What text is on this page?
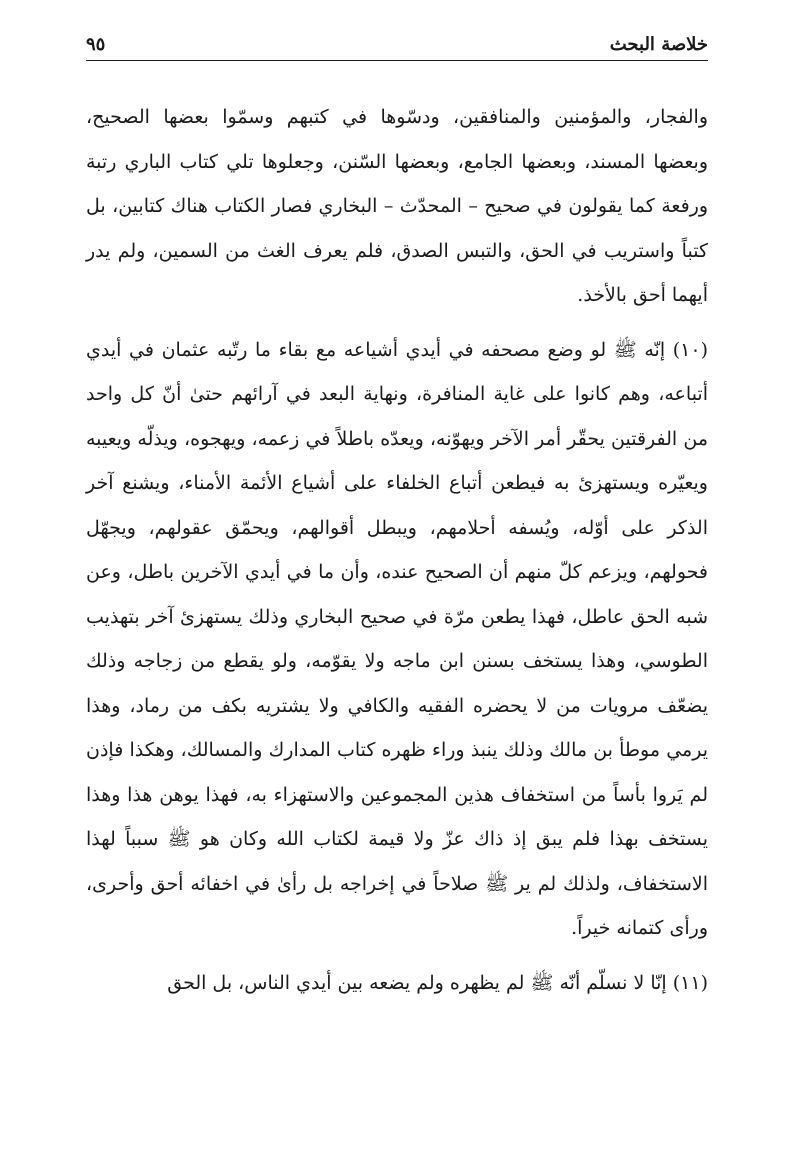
خلاصة البحث
٩٥

والفجار، والمؤمنين والمنافقين، ودسّوها في كتبهم وسمّوا بعضها الصحيح، وبعضها المسند، وبعضها الجامع، وبعضها السّنن، وجعلوها تلي كتاب الباري رتبة ورفعة كما يقولون في صحيح – المحدّث – البخاري فصار الكتاب هناك كتابين، بل كتباً واستريب في الحق، والتبس الصدق، فلم يعرف الغث من السمين، ولم يدر أيهما أحق بالأخذ.

(١٠) إنّه ﷺ لو وضع مصحفه في أيدي أشياعه مع بقاء ما رتّبه عثمان في أيدي أتباعه، وهم كانوا على غاية المنافرة، ونهاية البعد في آرائهم حتىٰ أنّ كل واحد من الفرقتين يحقّر أمر الآخر ويهوّنه، ويعدّه باطلاً في زعمه، ويهجوه، ويذلّه ويعيبه ويعيّره ويستهزئ به فيطعن أتباع الخلفاء على أشياع الأئمة الأمناء، ويشنع آخر الذكر على أوّله، ويُسفه أحلامهم، ويبطل أقوالهم، ويحمّق عقولهم، ويجهّل فحولهم، ويزعم كلّ منهم أن الصحيح عنده، وأن ما في أيدي الآخرين باطل، وعن شبه الحق عاطل، فهذا يطعن مرّة في صحيح البخاري وذلك يستهزئ آخر بتهذيب الطوسي، وهذا يستخف بسنن ابن ماجه ولا يقوّمه، ولو يقطع من زجاجه وذلك يضعّف مرويات من لا يحضره الفقيه والكافي ولا يشتريه بكف من رماد، وهذا يرمي موطأ بن مالك وذلك ينبذ وراء ظهره كتاب المدارك والمسالك، وهكذا فإذن لم يَروا بأساً من استخفاف هذين المجموعين والاستهزاء به، فهذا يوهن هذا وهذا يستخف بهذا فلم يبق إذ ذاك عزّ ولا قيمة لكتاب الله وكان هو ﷺ سبباً لهذا الاستخفاف، ولذلك لم ير ﷺ صلاحاً في إخراجه بل رأىٰ في اخفائه أحق وأحرى، ورأى كتمانه خيراً.

(١١) إنّا لا نسلّم أنّه ﷺ لم يظهره ولم يضعه بين أيدي الناس، بل الحق
